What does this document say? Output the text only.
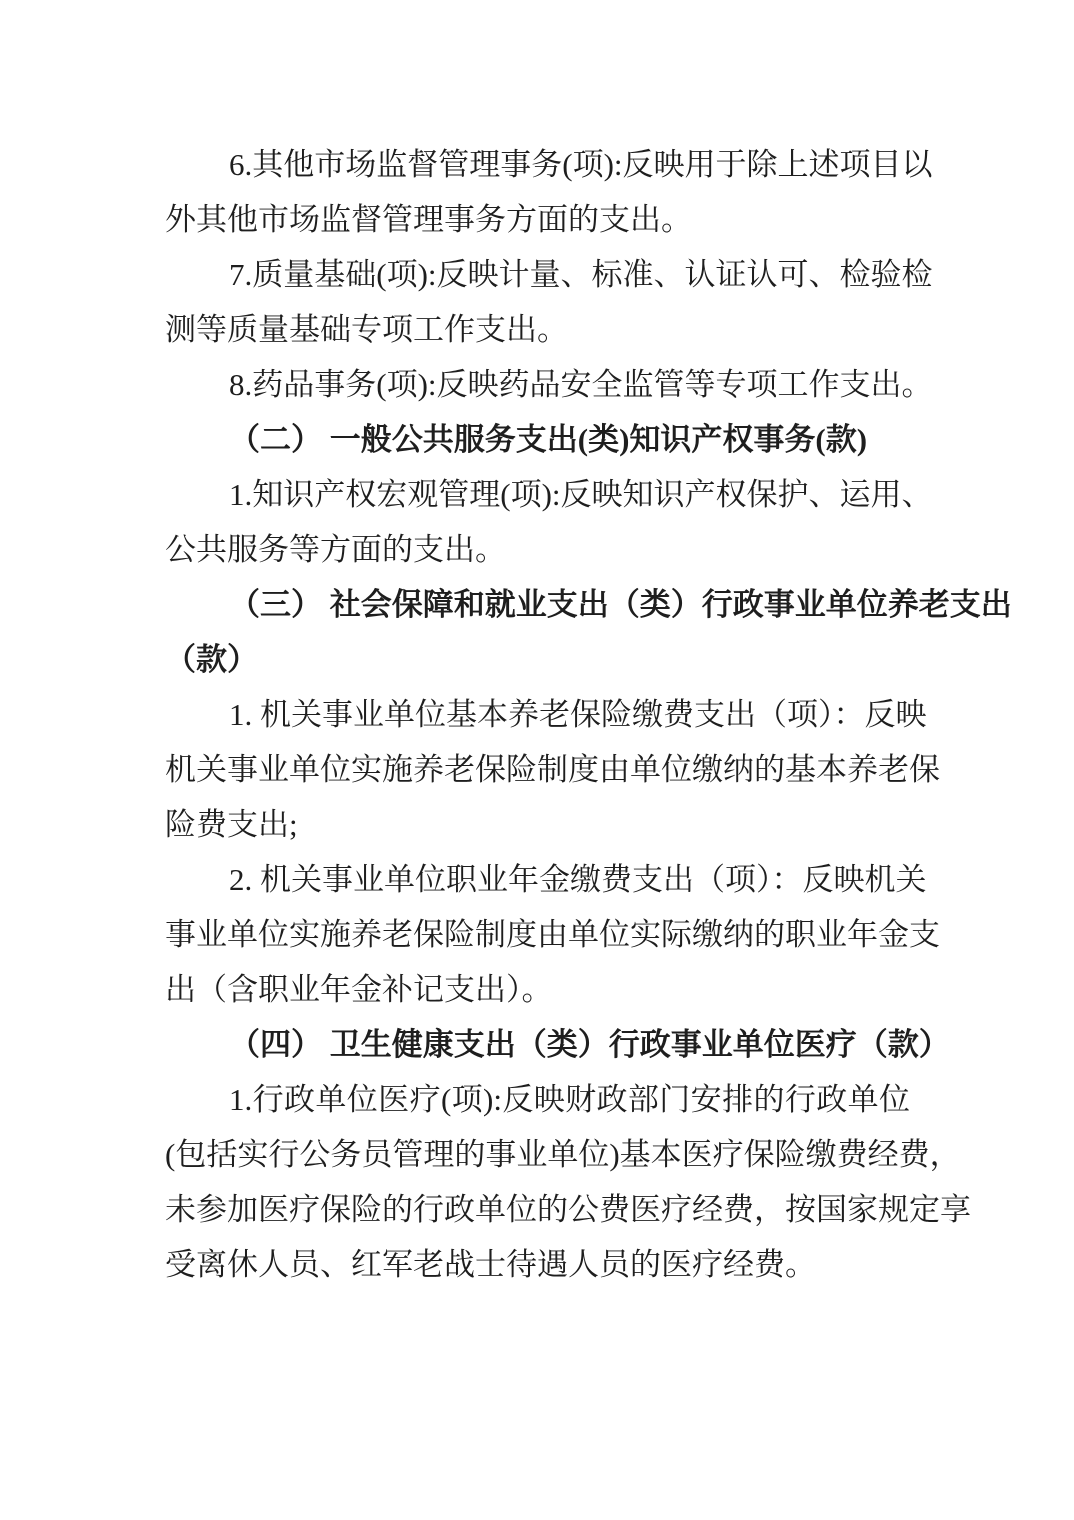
6.其他市场监督管理事务(项):反映用于除上述项目以
外其他市场监督管理事务方面的支出。
7.质量基础(项):反映计量、标准、认证认可、检验检
测等质量基础专项工作支出。
8.药品事务(项):反映药品安全监管等专项工作支出。
（二） 一般公共服务支出(类)知识产权事务(款)
1.知识产权宏观管理(项):反映知识产权保护、运用、
公共服务等方面的支出。
（三） 社会保障和就业支出（类）行政事业单位养老支出
（款）
1. 机关事业单位基本养老保险缴费支出（项）：反映
机关事业单位实施养老保险制度由单位缴纳的基本养老保
险费支出;
2. 机关事业单位职业年金缴费支出（项）：反映机关
事业单位实施养老保险制度由单位实际缴纳的职业年金支
出（含职业年金补记支出）。
（四） 卫生健康支出（类）行政事业单位医疗（款）
1.行政单位医疗(项):反映财政部门安排的行政单位
(包括实行公务员管理的事业单位)基本医疗保险缴费经费，
未参加医疗保险的行政单位的公费医疗经费，按国家规定享
受离休人员、红军老战士待遇人员的医疗经费。
